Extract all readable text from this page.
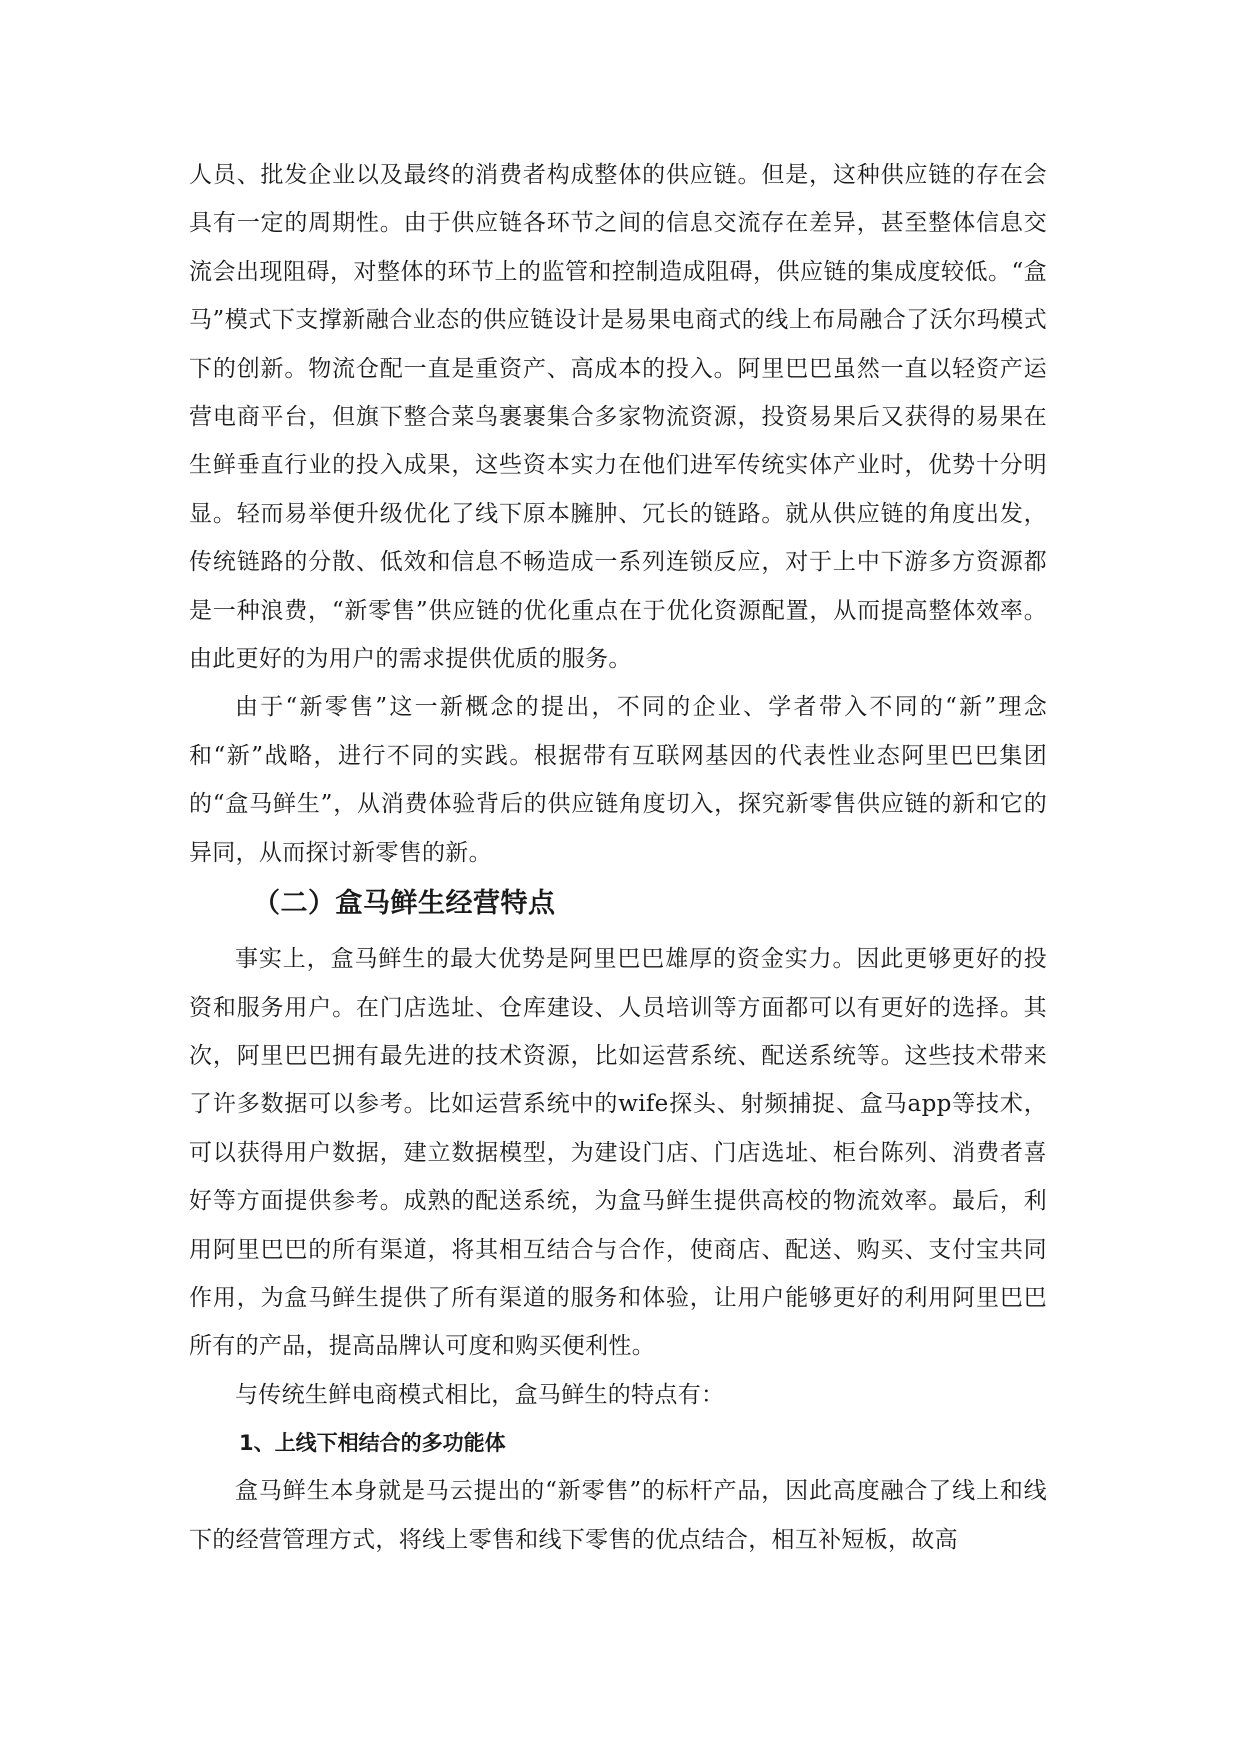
人员、批发企业以及最终的消费者构成整体的供应链。但是，这种供应链的存在会具有一定的周期性。由于供应链各环节之间的信息交流存在差异，甚至整体信息交流会出现阻碍，对整体的环节上的监管和控制造成阻碍，供应链的集成度较低。“盒马”模式下支撑新融合业态的供应链设计是易果电商式的线上布局融合了沃尔玛模式下的创新。物流仓配一直是重资产、高成本的投入。阿里巴巴虽然一直以轻资产运营电商平台，但旗下整合菜鸟裹裹集合多家物流资源，投资易果后又获得的易果在生鲜垂直行业的投入成果，这些资本实力在他们进军传统实体产业时，优势十分明显。轻而易举便升级优化了线下原本臃肿、冗长的链路。就从供应链的角度出发，传统链路的分散、低效和信息不畅造成一系列连锁反应，对于上中下游多方资源都是一种浪费，“新零售”供应链的优化重点在于优化资源配置，从而提高整体效率。由此更好的为用户的需求提供优质的服务。

由于“新零售”这一新概念的提出，不同的企业、学者带入不同的“新”理念和“新”战略，进行不同的实践。根据带有互联网基因的代表性业态阿里巴巴集团的“盒马鲜生”，从消费体验背后的供应链角度切入，探究新零售供应链的新和它的异同，从而探讨新零售的新。

（二）盒马鲜生经营特点

事实上，盒马鲜生的最大优势是阿里巴巴雄厚的资金实力。因此更够更好的投资和服务用户。在门店选址、仓库建设、人员培训等方面都可以有更好的选择。其次，阿里巴巴拥有最先进的技术资源，比如运营系统、配送系统等。这些技术带来了许多数据可以参考。比如运营系统中的wife探头、射频捕捉、盒马app等技术，可以获得用户数据，建立数据模型，为建设门店、门店选址、柜台陈列、消费者喜好等方面提供参考。成熟的配送系统，为盒马鲜生提供高校的物流效率。最后，利用阿里巴巴的所有渠道，将其相互结合与合作，使商店、配送、购买、支付宝共同作用，为盒马鲜生提供了所有渠道的服务和体验，让用户能够更好的利用阿里巴巴所有的产品，提高品牌认可度和购买便利性。

与传统生鲜电商模式相比，盒马鲜生的特点有：

1、上线下相结合的多功能体

盒马鲜生本身就是马云提出的“新零售”的标杆产品，因此高度融合了线上和线下的经营管理方式，将线上零售和线下零售的优点结合，相互补短板，故高
